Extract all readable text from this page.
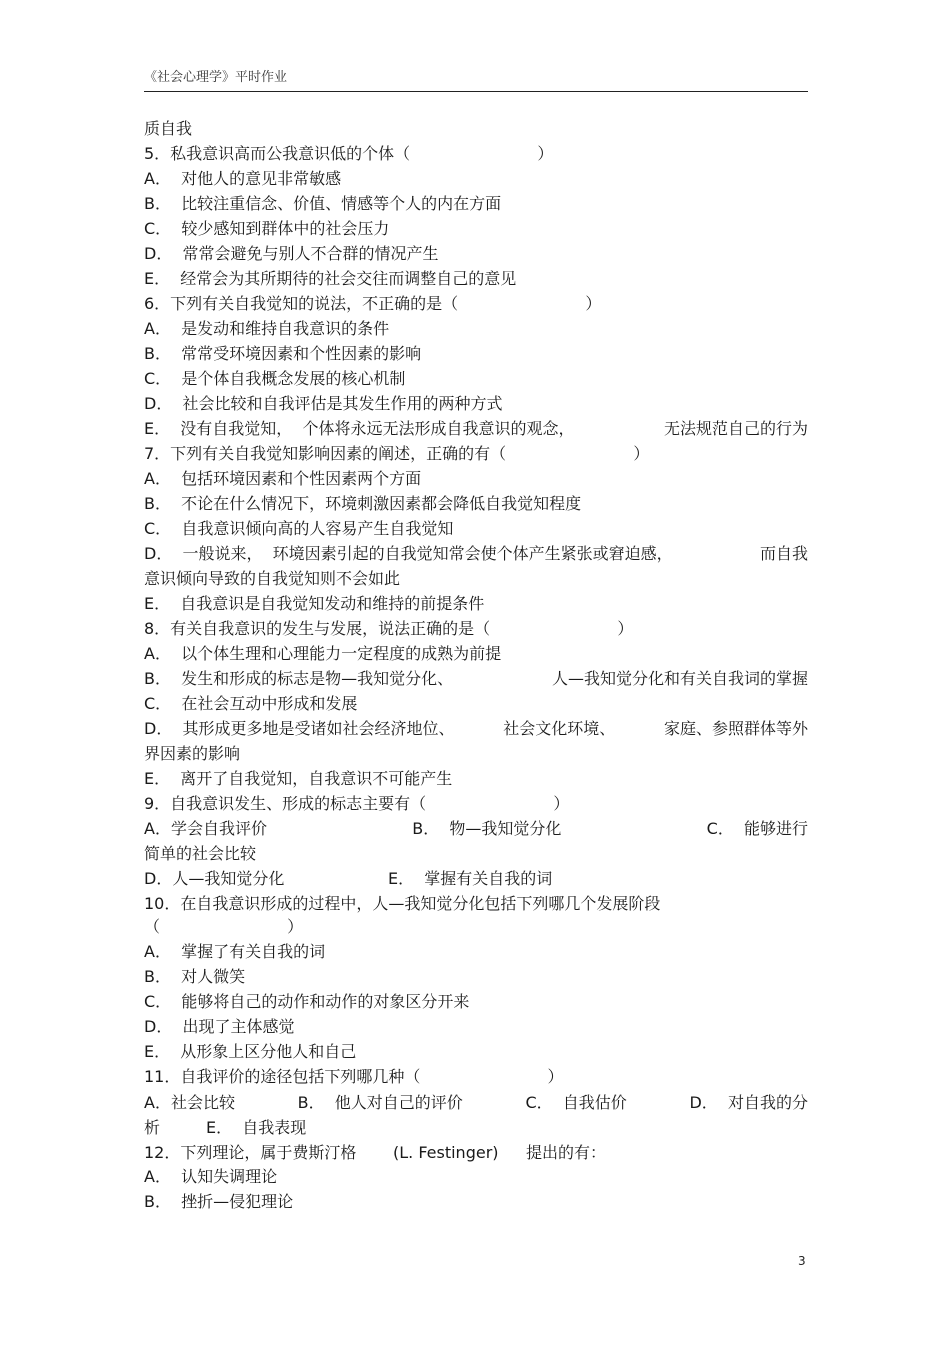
《社会心理学》平时作业
质自我
5．私我意识高而公我意识低的个体（                         ）
A．  对他人的意见非常敏感
B．  比较注重信念、价值、情感等个人的内在方面
C．  较少感知到群体中的社会压力
D．  常常会避免与别人不合群的情况产生
E．  经常会为其所期待的社会交往而调整自己的意见
6．下列有关自我觉知的说法，不正确的是（                         ）
A．  是发动和维持自我意识的条件
B．  常常受环境因素和个性因素的影响
C．  是个体自我概念发展的核心机制
D．  社会比较和自我评估是其发生作用的两种方式
E．  没有自我觉知，  个体将永远无法形成自我意识的观念，	无法规范自己的行为
7．下列有关自我觉知影响因素的阐述，正确的有（                         ）
A．  包括环境因素和个性因素两个方面
B．  不论在什么情况下，环境刺激因素都会降低自我觉知程度
C．  自我意识倾向高的人容易产生自我觉知
D．  一般说来，  环境因素引起的自我觉知常会使个体产生紧张或窘迫感，	而自我
意识倾向导致的自我觉知则不会如此
E．  自我意识是自我觉知发动和维持的前提条件
8．有关自我意识的发生与发展，说法正确的是（                         ）
A．  以个体生理和心理能力一定程度的成熟为前提
B．  发生和形成的标志是物—我知觉分化、	人—我知觉分化和有关自我词的掌握
C．  在社会互动中形成和发展
D．  其形成更多地是受诸如社会经济地位、	社会文化环境、	家庭、参照群体等外
界因素的影响
E．  离开了自我觉知，自我意识不可能产生
9．自我意识发生、形成的标志主要有（                         ）
A．学会自我评价	B．  物—我知觉分化	C．  能够进行
简单的社会比较
D．人—我知觉分化	E．  掌握有关自我的词
10．在自我意识形成的过程中，人—我知觉分化包括下列哪几个发展阶段
（                         ）
A．  掌握了有关自我的词
B．  对人微笑
C．  能够将自己的动作和动作的对象区分开来
D．  出现了主体感觉
E．  从形象上区分他人和自己
11．自我评价的途径包括下列哪几种（                         ）
A．社会比较	B．  他人对自己的评价	C．  自我估价	D．  对自我的分
析	E．  自我表现
12．下列理论，属于费斯汀格 (L. Festinger) 提出的有：
A．  认知失调理论
B．  挫折—侵犯理论
3
